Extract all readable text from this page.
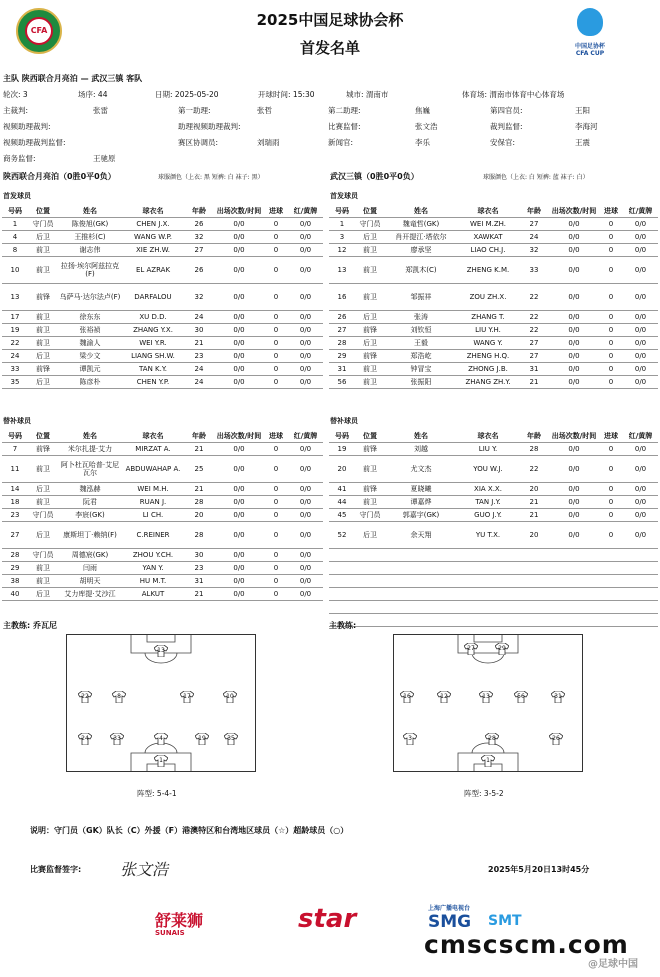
CFA
2025中国足球协会杯
首发名单	中国足协杯
CFA CUP
主队 陕西联合月亮泊 — 武汉三镇 客队
轮次: 3	场序: 44	日期: 2025-05-20	开球时间: 15:30	城市: 渭南市	体育场: 渭南市体育中心体育场
主裁判:	张雷	第一助理:	张哲	第二助理:	焦巍	第四官员:	王阳
视频助理裁判:	助理视频助理裁判:	比赛监督:	张文浩	裁判监督:	李海河
视频助理裁判监督:	赛区协调员:	刘瑞雨	新闻官:	李乐	安保官:	王震
商务监督:	王驰原
陕西联合月亮泊（0胜0平0负）	球服颜色（上衣: 黑 短裤: 白 袜子: 黑）	武汉三镇（0胜0平0负）	球服颜色（上衣: 白 短裤: 蓝 袜子: 白）
首发球员	首发球员
号码	位置	姓名	球衣名	年龄	出场次数/时间	进球	红/黄牌
1	守门员	陈俊旭(GK)	CHEN J.X.	26	0/0	0	0/0
4	后卫	王推杉(C)	WANG W.P.	32	0/0	0	0/0
8	前卫	谢志伟	XIE ZH.W.	27	0/0	0	0/0
10	前卫	拉扬·埃尔阿兹拉克(F)	EL AZRAK	26	0/0	0	0/0
13	前锋	乌萨马·达尔法卢(F)	DARFALOU	32	0/0	0	0/0
17	前卫	徐东东	XU D.D.	24	0/0	0	0/0
19	前卫	张裕祯	ZHANG Y.X.	30	0/0	0	0/0
22	前卫	魏渝人	WEI Y.R.	21	0/0	0	0/0
24	后卫	梁少文	LIANG SH.W.	23	0/0	0	0/0
33	前锋	谭凯元	TAN K.Y.	24	0/0	0	0/0
35	后卫	陈彦朴	CHEN Y.P.	24	0/0	0	0/0
号码	位置	姓名	球衣名	年龄	出场次数/时间	进球	红/黄牌
1	守门员	魏竜哲(GK)	WEI M.ZH.	27	0/0	0	0/0
3	后卫	肖开提江·塔依尔	XAWKAT	24	0/0	0	0/0
12	前卫	廖承坚	LIAO CH.J.	32	0/0	0	0/0
13	前卫	郑凯木(C)	ZHENG K.M.	33	0/0	0	0/0
16	前卫	邹振祥	ZOU ZH.X.	22	0/0	0	0/0
26	后卫	张涛	ZHANG T.	22	0/0	0	0/0
27	前锋	刘钦恒	LIU Y.H.	22	0/0	0	0/0
28	后卫	王毅	WANG Y.	27	0/0	0	0/0
29	前锋	郑浩屹	ZHENG H.Q.	27	0/0	0	0/0
31	前卫	钟冒宝	ZHONG J.B.	31	0/0	0	0/0
56	前卫	张振阳	ZHANG ZH.Y.	21	0/0	0	0/0
替补球员	替补球员
号码	位置	姓名	球衣名	年龄	出场次数/时间	进球	红/黄牌
7	前锋	米尔扎提·艾力	MIRZAT A.	21	0/0	0	0/0
11	前卫	阿卜杜瓦哈普·艾尼瓦尔	ABDUWAHAP A.	25	0/0	0	0/0
14	后卫	魏泓赫	WEI M.H.	21	0/0	0	0/0
18	前卫	阮君	RUAN J.	28	0/0	0	0/0
23	守门员	李宸(GK)	LI CH.	20	0/0	0	0/0
27	后卫	康斯坦丁·赖纳(F)	C.REINER	28	0/0	0	0/0
28	守门员	周德宸(GK)	ZHOU Y.CH.	30	0/0	0	0/0
29	前卫	闫雨	YAN Y.	23	0/0	0	0/0
38	前卫	胡明天	HU M.T.	31	0/0	0	0/0
40	后卫	艾力库提·艾沙江	ALKUT	21	0/0	0	0/0
号码	位置	姓名	球衣名	年龄	出场次数/时间	进球	红/黄牌
19	前锋	刘越	LIU Y.	28	0/0	0	0/0
20	前卫	尤文杰	YOU W.J.	22	0/0	0	0/0
41	前锋	夏晓曦	XIA X.X.	20	0/0	0	0/0
44	前卫	谭嘉烨	TAN J.Y.	21	0/0	0	0/0
45	守门员	郭嘉宇(GK)	GUO J.Y.	21	0/0	0	0/0
52	后卫	余天翔	YU T.X.	20	0/0	0	0/0

主教练: 乔瓦尼	主教练:
13
22	8	17	10
24	33	4	19	35
1
27	29
16	12	13	56	31
3	28	26
1
阵型: 5-4-1	阵型: 3-5-2
说明：守门员（GK）队长（C）外援（F）港澳特区和台湾地区球员（☆）超龄球员（○）
比赛监督签字: 张文浩	2025年5月20日13时45分
舒莱狮
SUNAIS	star	上海广播电视台
SMG SMT
cmscscm.com
@足球中国
